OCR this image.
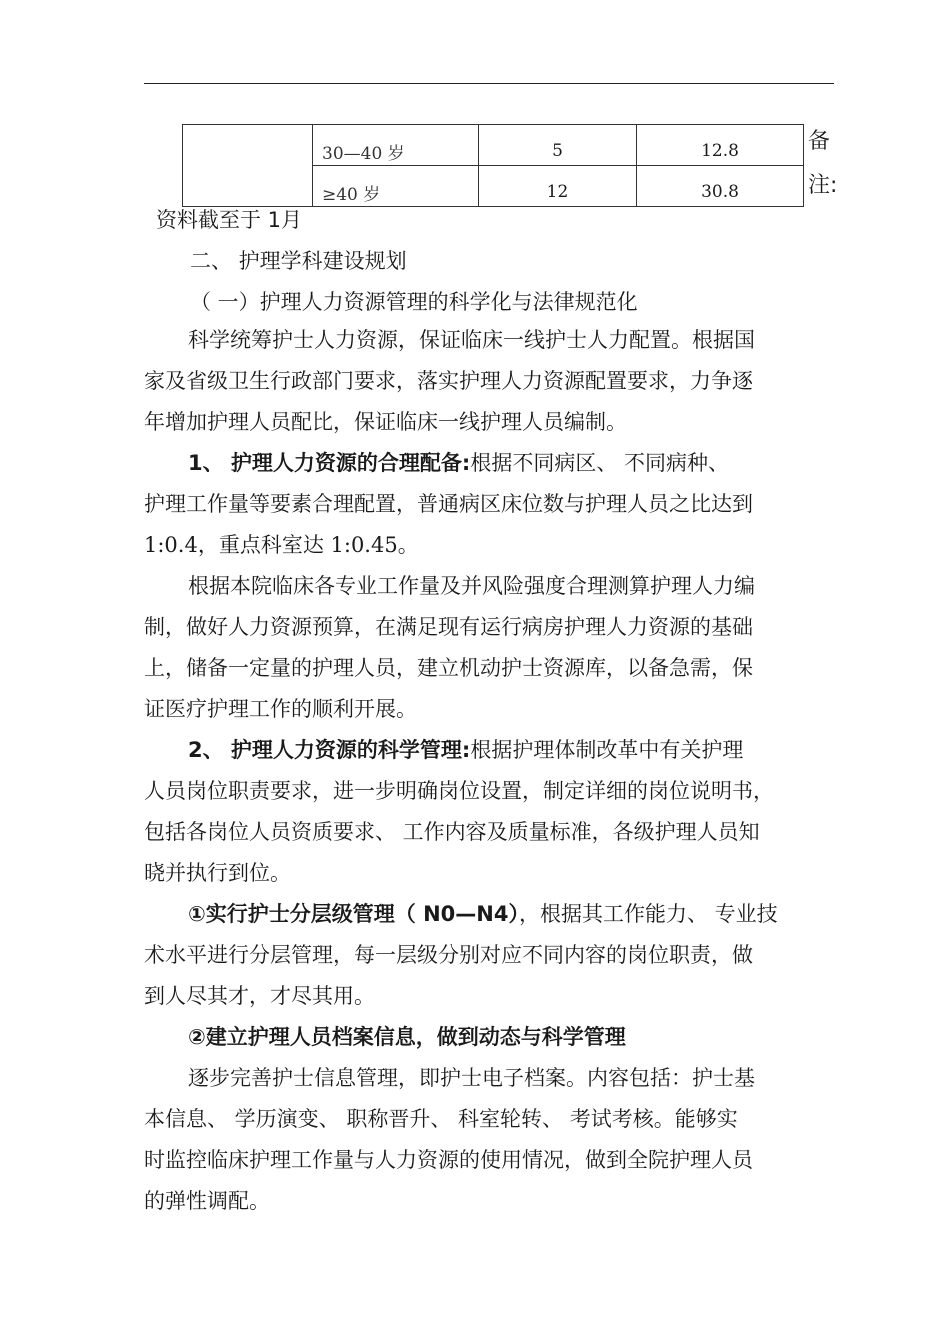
	30—40 岁	5	12.8
	≥40 岁	12	30.8
备
注:
资料截至于 1月
二、 护理学科建设规划
（ 一）护理人力资源管理的科学化与法律规范化
科学统筹护士人力资源，保证临床一线护士人力配置。根据国
家及省级卫生行政部门要求，落实护理人力资源配置要求，力争逐
年增加护理人员配比，保证临床一线护理人员编制。
1、 护理人力资源的合理配备:根据不同病区、 不同病种、
护理工作量等要素合理配置，普通病区床位数与护理人员之比达到
1:0.4，重点科室达 1:0.45。
根据本院临床各专业工作量及并风险强度合理测算护理人力编
制，做好人力资源预算，在满足现有运行病房护理人力资源的基础
上，储备一定量的护理人员，建立机动护士资源库，以备急需，保
证医疗护理工作的顺利开展。
2、 护理人力资源的科学管理:根据护理体制改革中有关护理
人员岗位职责要求，进一步明确岗位设置，制定详细的岗位说明书，
包括各岗位人员资质要求、 工作内容及质量标准，各级护理人员知
晓并执行到位。
①实行护士分层级管理（ N0—N4），根据其工作能力、 专业技
术水平进行分层管理，每一层级分别对应不同内容的岗位职责，做
到人尽其才，才尽其用。
②建立护理人员档案信息，做到动态与科学管理
逐步完善护士信息管理，即护士电子档案。内容包括：护士基
本信息、 学历演变、 职称晋升、 科室轮转、 考试考核。能够实
时监控临床护理工作量与人力资源的使用情况，做到全院护理人员
的弹性调配。
